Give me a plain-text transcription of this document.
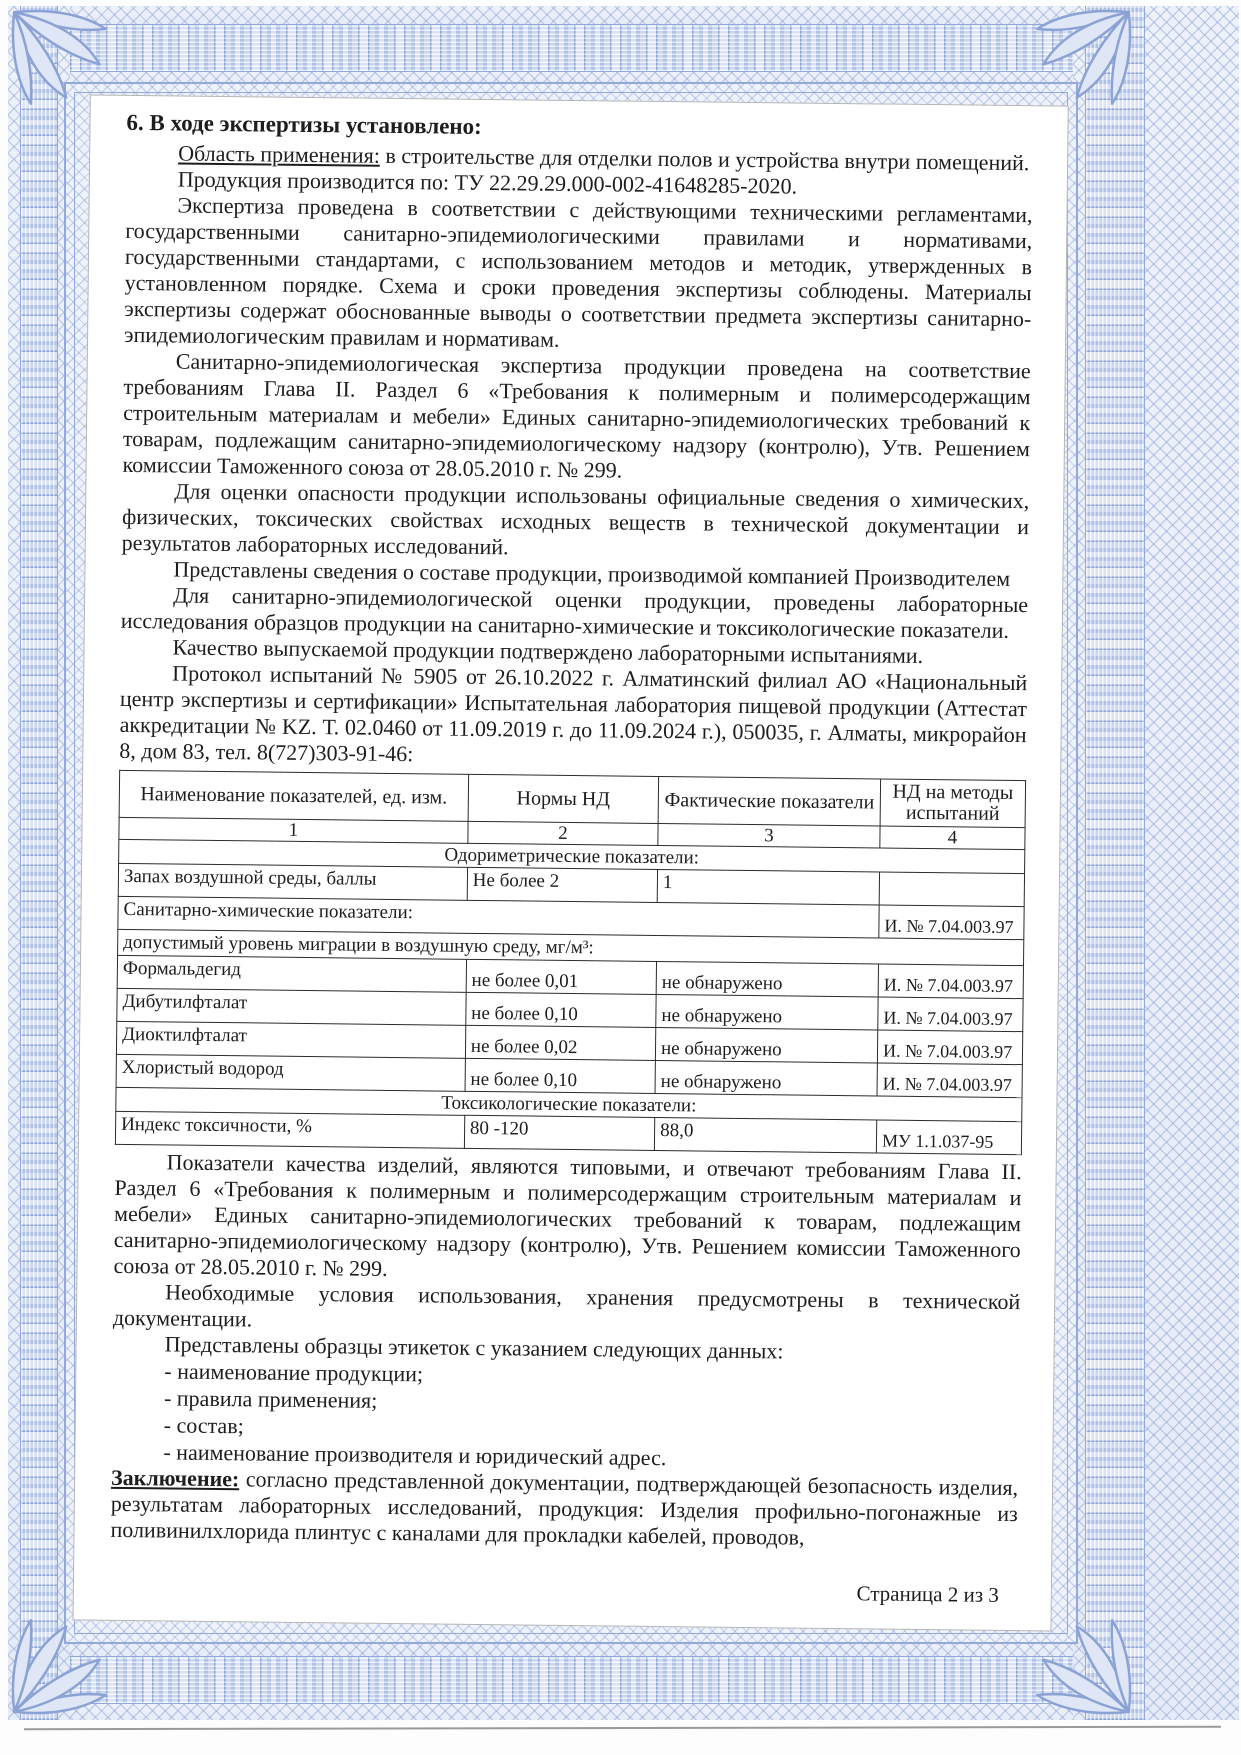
6. В ходе экспертизы установлено:

Область применения: в строительстве для отделки полов и устройства внутри помещений.

Продукция производится по: ТУ 22.29.29.000-002-41648285-2020.

Экспертиза проведена в соответствии с действующими техническими регламентами, государственными санитарно-эпидемиологическими правилами и нормативами, государственными стандартами, с использованием методов и методик, утвержденных в установленном порядке. Схема и сроки проведения экспертизы соблюдены. Материалы экспертизы содержат обоснованные выводы о соответствии предмета экспертизы санитарно-эпидемиологическим правилам и нормативам.

Санитарно-эпидемиологическая экспертиза продукции проведена на соответствие требованиям Глава II. Раздел 6 «Требования к полимерным и полимерсодержащим строительным материалам и мебели» Единых санитарно-эпидемиологических требований к товарам, подлежащим санитарно-эпидемиологическому надзору (контролю), Утв. Решением комиссии Таможенного союза от 28.05.2010 г. № 299.

Для оценки опасности продукции использованы официальные сведения о химических, физических, токсических свойствах исходных веществ в технической документации и результатов лабораторных исследований.

Представлены сведения о составе продукции, производимой компанией Производителем

Для санитарно-эпидемиологической оценки продукции, проведены лабораторные исследования образцов продукции на санитарно-химические и токсикологические показатели.

Качество выпускаемой продукции подтверждено лабораторными испытаниями.

Протокол испытаний № 5905 от 26.10.2022 г. Алматинский филиал АО «Национальный центр экспертизы и сертификации» Испытательная лаборатория пищевой продукции (Аттестат аккредитации № KZ. Т. 02.0460 от 11.09.2019 г. до 11.09.2024 г.), 050035, г. Алматы, микрорайон 8, дом 83, тел. 8(727)303-91-46:

Наименование показателей, ед. изм.	Нормы НД	Фактические показатели	НД на методы испытаний
1	2	3	4
Одориметрические показатели:			
Запах воздушной среды, баллы	Не более 2	1	
Санитарно-химические показатели:			И. № 7.04.003.97
допустимый уровень миграции в воздушную среду, мг/м³:			
Формальдегид	не более 0,01	не обнаружено	И. № 7.04.003.97
Дибутилфталат	не более 0,10	не обнаружено	И. № 7.04.003.97
Диоктилфталат	не более 0,02	не обнаружено	И. № 7.04.003.97
Хлористый водород	не более 0,10	не обнаружено	И. № 7.04.003.97
Токсикологические показатели:			
Индекс токсичности, %	80 -120	88,0	МУ 1.1.037-95

Показатели качества изделий, являются типовыми, и отвечают требованиям Глава II. Раздел 6 «Требования к полимерным и полимерсодержащим строительным материалам и мебели» Единых санитарно-эпидемиологических требований к товарам, подлежащим санитарно-эпидемиологическому надзору (контролю), Утв. Решением комиссии Таможенного союза от 28.05.2010 г. № 299.

Необходимые условия использования, хранения предусмотрены в технической документации.

Представлены образцы этикеток с указанием следующих данных:

- наименование продукции;

- правила применения;

- состав;

- наименование производителя и юридический адрес.

Заключение: согласно представленной документации, подтверждающей безопасность изделия, результатам лабораторных исследований, продукция: Изделия профильно-погонажные из поливинилхлорида плинтус с каналами для прокладки кабелей, проводов,

Страница 2 из 3
